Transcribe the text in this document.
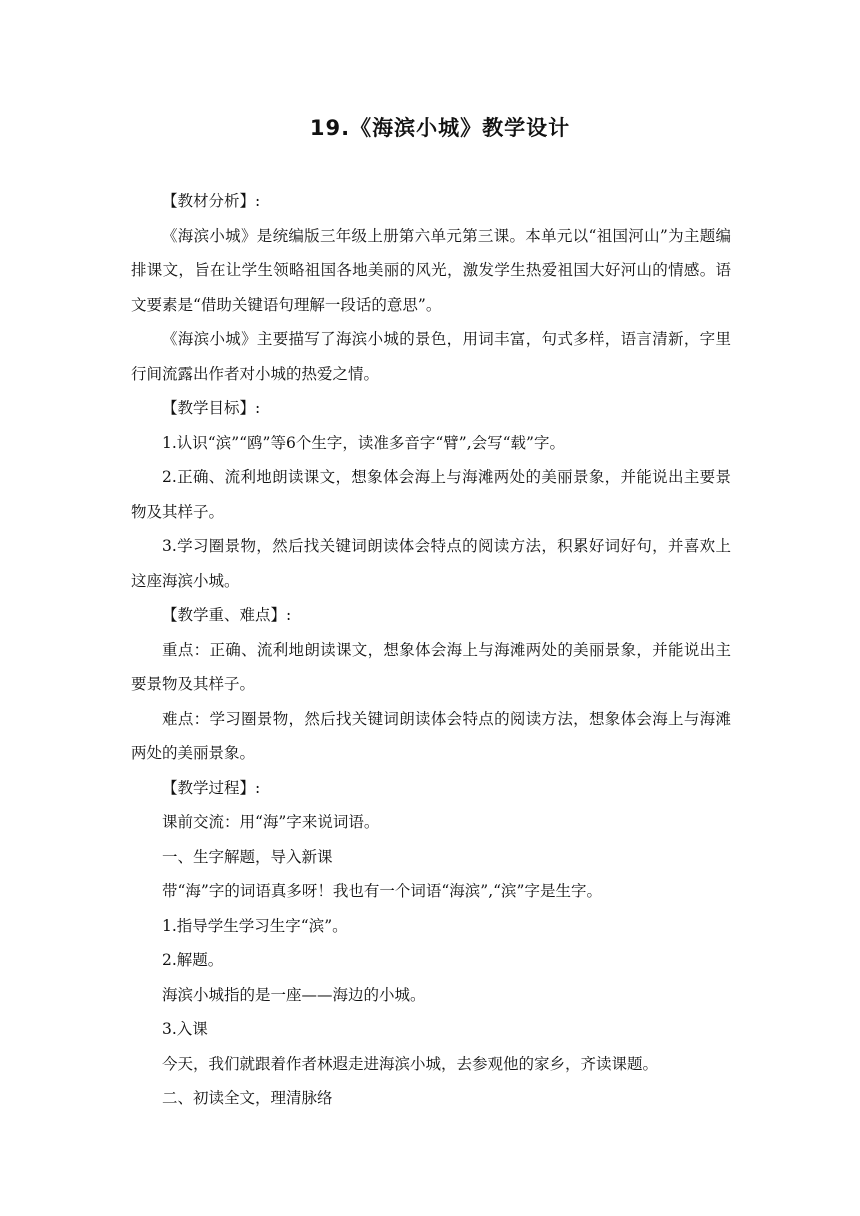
19.《海滨小城》教学设计

【教材分析】:

《海滨小城》是统编版三年级上册第六单元第三课。本单元以“祖国河山”为主题编排课文，旨在让学生领略祖国各地美丽的风光，激发学生热爱祖国大好河山的情感。语文要素是“借助关键语句理解一段话的意思”。

《海滨小城》主要描写了海滨小城的景色，用词丰富，句式多样，语言清新，字里行间流露出作者对小城的热爱之情。

【教学目标】:

1.认识“滨”“鸥”等6个生字，读准多音字“臂”,会写“载”字。

2.正确、流利地朗读课文，想象体会海上与海滩两处的美丽景象，并能说出主要景物及其样子。

3.学习圈景物，然后找关键词朗读体会特点的阅读方法，积累好词好句，并喜欢上这座海滨小城。

【教学重、难点】:

重点：正确、流利地朗读课文，想象体会海上与海滩两处的美丽景象，并能说出主要景物及其样子。

难点：学习圈景物，然后找关键词朗读体会特点的阅读方法，想象体会海上与海滩两处的美丽景象。

【教学过程】:

课前交流：用“海”字来说词语。

一、生字解题，导入新课

带“海”字的词语真多呀！我也有一个词语“海滨”,“滨”字是生字。

1.指导学生学习生字“滨”。

2.解题。

海滨小城指的是一座——海边的小城。

3.入课

今天，我们就跟着作者林遐走进海滨小城，去参观他的家乡，齐读课题。

二、初读全文，理清脉络
